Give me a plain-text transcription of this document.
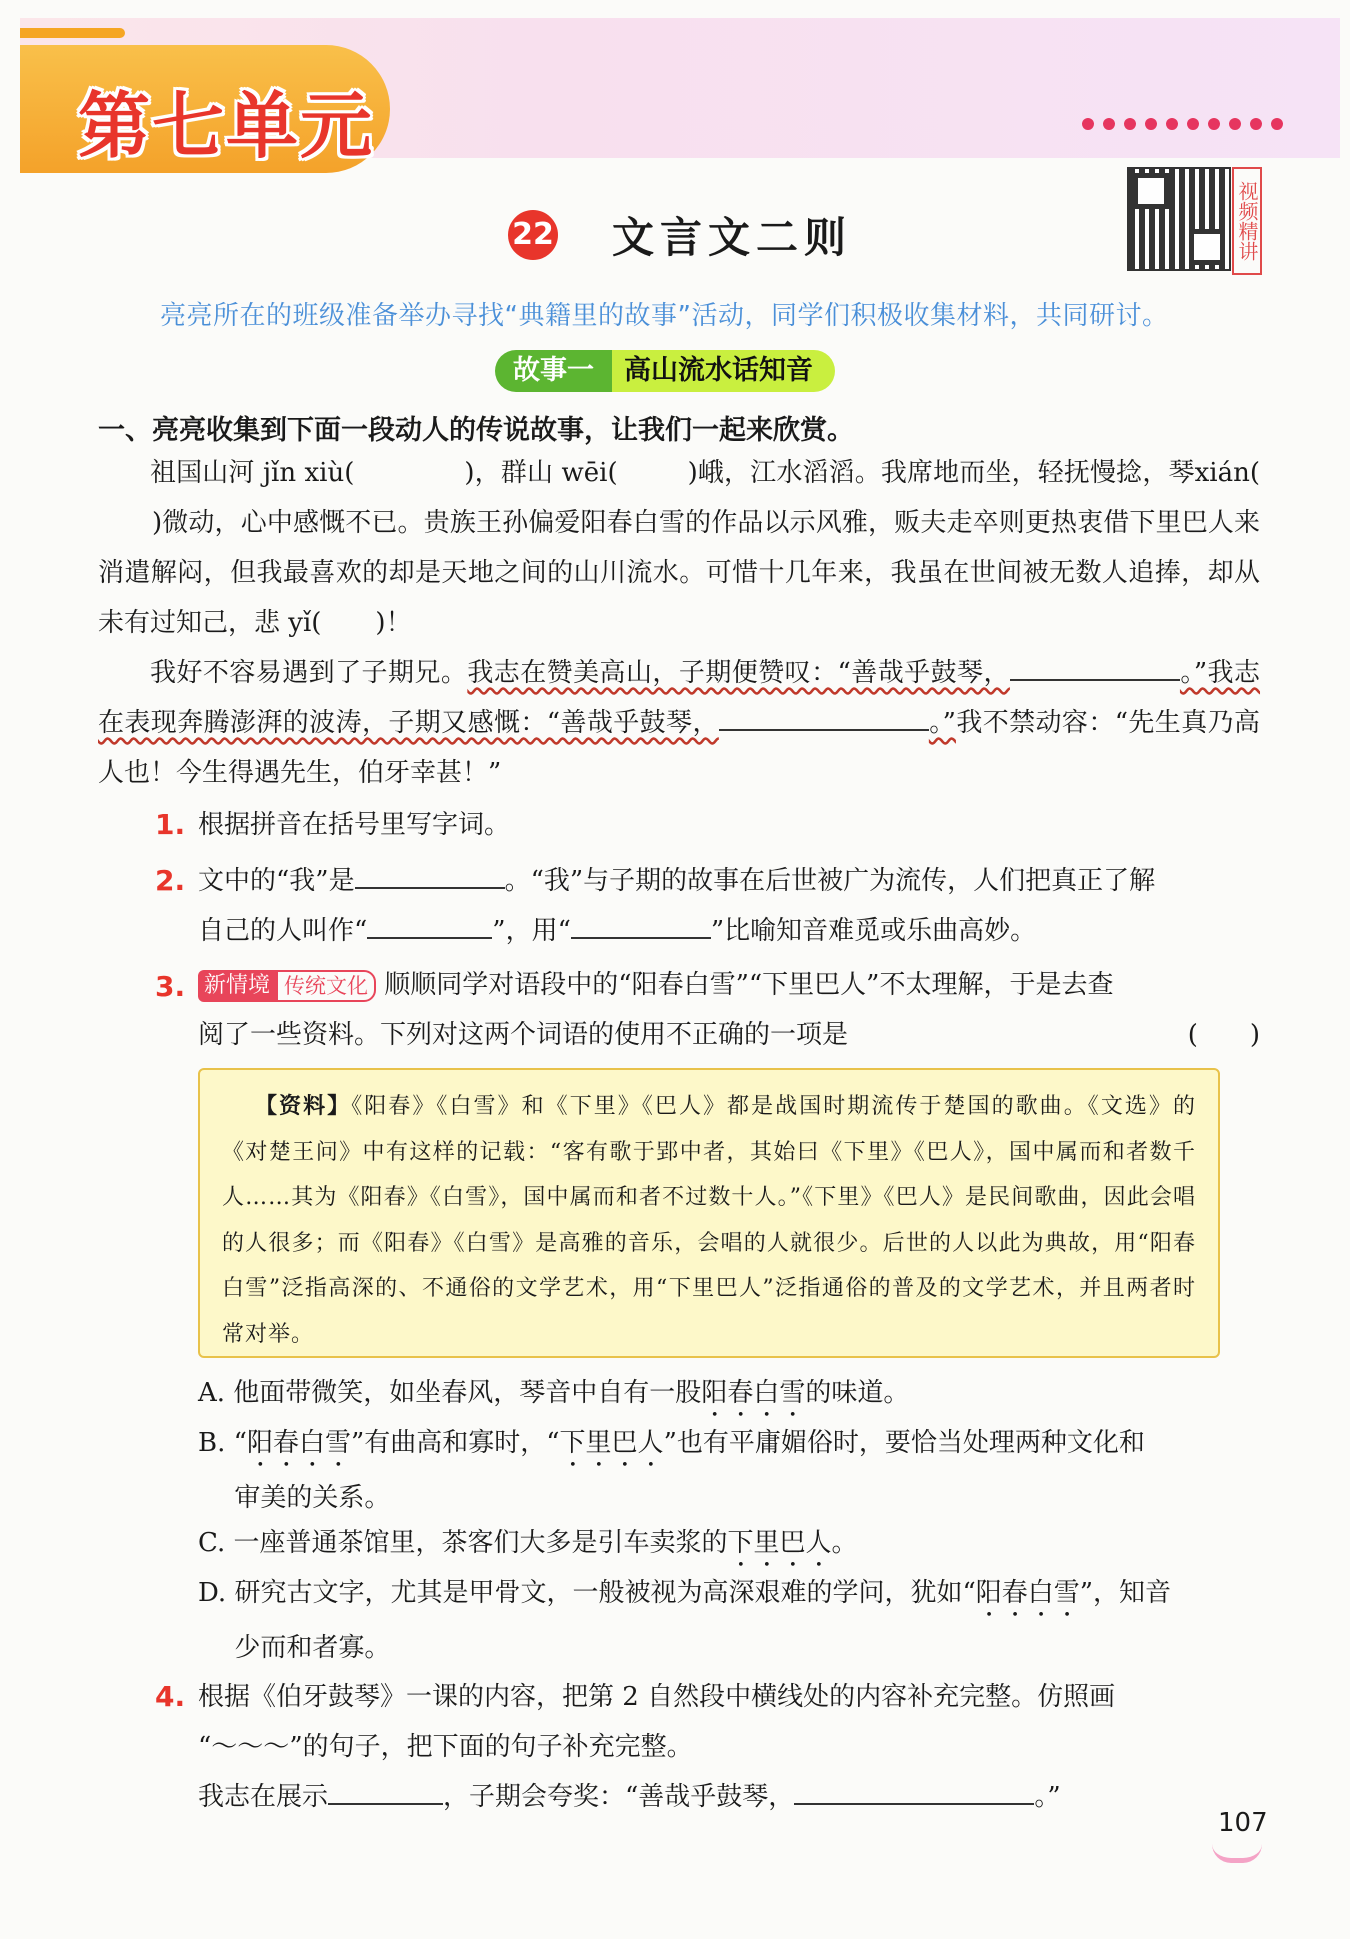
第七单元
视频精讲
22 文言文二则
亮亮所在的班级准备举办寻找“典籍里的故事”活动，同学们积极收集材料，共同研讨。
故事一	高山流水话知音
一、亮亮收集到下面一段动人的传说故事，让我们一起来欣赏。
祖国山河 jǐn xiù(	)，群山 wēi(	)峨，江水滔滔。我席地而坐，轻抚慢捻，琴xián()微动，心中感慨不已。贵族王孙偏爱阳春白雪的作品以示风雅，贩夫走卒则更热衷借下里巴人来消遣解闷，但我最喜欢的却是天地之间的山川流水。可惜十几年来，我虽在世间被无数人追捧，却从未有过知己，悲 yǐ( )！
我好不容易遇到了子期兄。我志在赞美高山，子期便赞叹：“善哉乎鼓琴，	。”我志在表现奔腾澎湃的波涛，子期又感慨：“善哉乎鼓琴，	。”我不禁动容：“先生真乃高人也！今生得遇先生，伯牙幸甚！”
1. 根据拼音在括号里写字词。
2. 文中的“我”是	。“我”与子期的故事在后世被广为流传，人们把真正了解
自己的人叫作“	”，用“	”比喻知音难觅或乐曲高妙。
3. 新情境 传统文化 顺顺同学对语段中的“阳春白雪”“下里巴人”不太理解，于是去查
阅了一些资料。下列对这两个词语的使用不正确的一项是	(　　)
【资料】《阳春》《白雪》和《下里》《巴人》都是战国时期流传于楚国的歌曲。《文选》的《对楚王问》中有这样的记载：“客有歌于郢中者，其始曰《下里》《巴人》，国中属而和者数千人……其为《阳春》《白雪》，国中属而和者不过数十人。”《下里》《巴人》是民间歌曲，因此会唱的人很多；而《阳春》《白雪》是高雅的音乐，会唱的人就很少。后世的人以此为典故，用“阳春白雪”泛指高深的、不通俗的文学艺术，用“下里巴人”泛指通俗的普及的文学艺术，并且两者时常对举。
A. 他面带微笑，如坐春风，琴音中自有一股阳春白雪的味道。
B. “阳春白雪”有曲高和寡时，“下里巴人”也有平庸媚俗时，要恰当处理两种文化和
审美的关系。
C. 一座普通茶馆里，茶客们大多是引车卖浆的下里巴人。
D. 研究古文字，尤其是甲骨文，一般被视为高深艰难的学问，犹如“阳春白雪”，知音
少而和者寡。
4. 根据《伯牙鼓琴》一课的内容，把第 2 自然段中横线处的内容补充完整。仿照画
“～～～”的句子，把下面的句子补充完整。
我志在展示	，子期会夸奖：“善哉乎鼓琴，	。”
107
